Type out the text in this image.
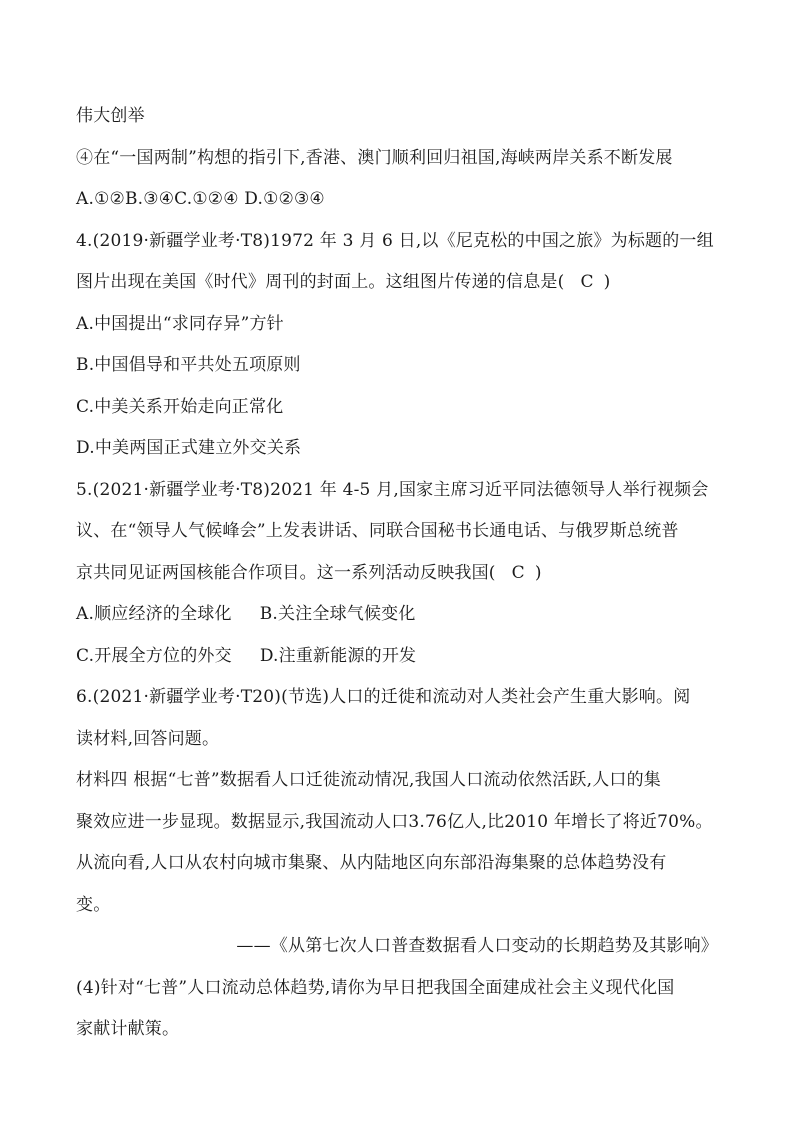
伟大创举
④在“一国两制”构想的指引下,香港、澳门顺利回归祖国,海峡两岸关系不断发展
A.①②B.③④C.①②④ D.①②③④
4.(2019·新疆学业考·T8)1972 年 3 月 6 日,以《尼克松的中国之旅》为标题的一组
图片出现在美国《时代》周刊的封面上。这组图片传递的信息是( C )
A.中国提出“求同存异”方针
B.中国倡导和平共处五项原则
C.中美关系开始走向正常化
D.中美两国正式建立外交关系
5.(2021·新疆学业考·T8)2021 年 4-5 月,国家主席习近平同法德领导人举行视频会
议、在“领导人气候峰会”上发表讲话、同联合国秘书长通电话、与俄罗斯总统普
京共同见证两国核能合作项目。这一系列活动反映我国( C )
A.顺应经济的全球化 B.关注全球气候变化
C.开展全方位的外交 D.注重新能源的开发
6.(2021·新疆学业考·T20)(节选)人口的迁徙和流动对人类社会产生重大影响。阅
读材料,回答问题。
材料四 根据“七普”数据看人口迁徙流动情况,我国人口流动依然活跃,人口的集
聚效应进一步显现。数据显示,我国流动人口3.76亿人,比2010 年增长了将近70%。
从流向看,人口从农村向城市集聚、从内陆地区向东部沿海集聚的总体趋势没有
变。
——《从第七次人口普查数据看人口变动的长期趋势及其影响》
(4)针对“七普”人口流动总体趋势,请你为早日把我国全面建成社会主义现代化国
家献计献策。
